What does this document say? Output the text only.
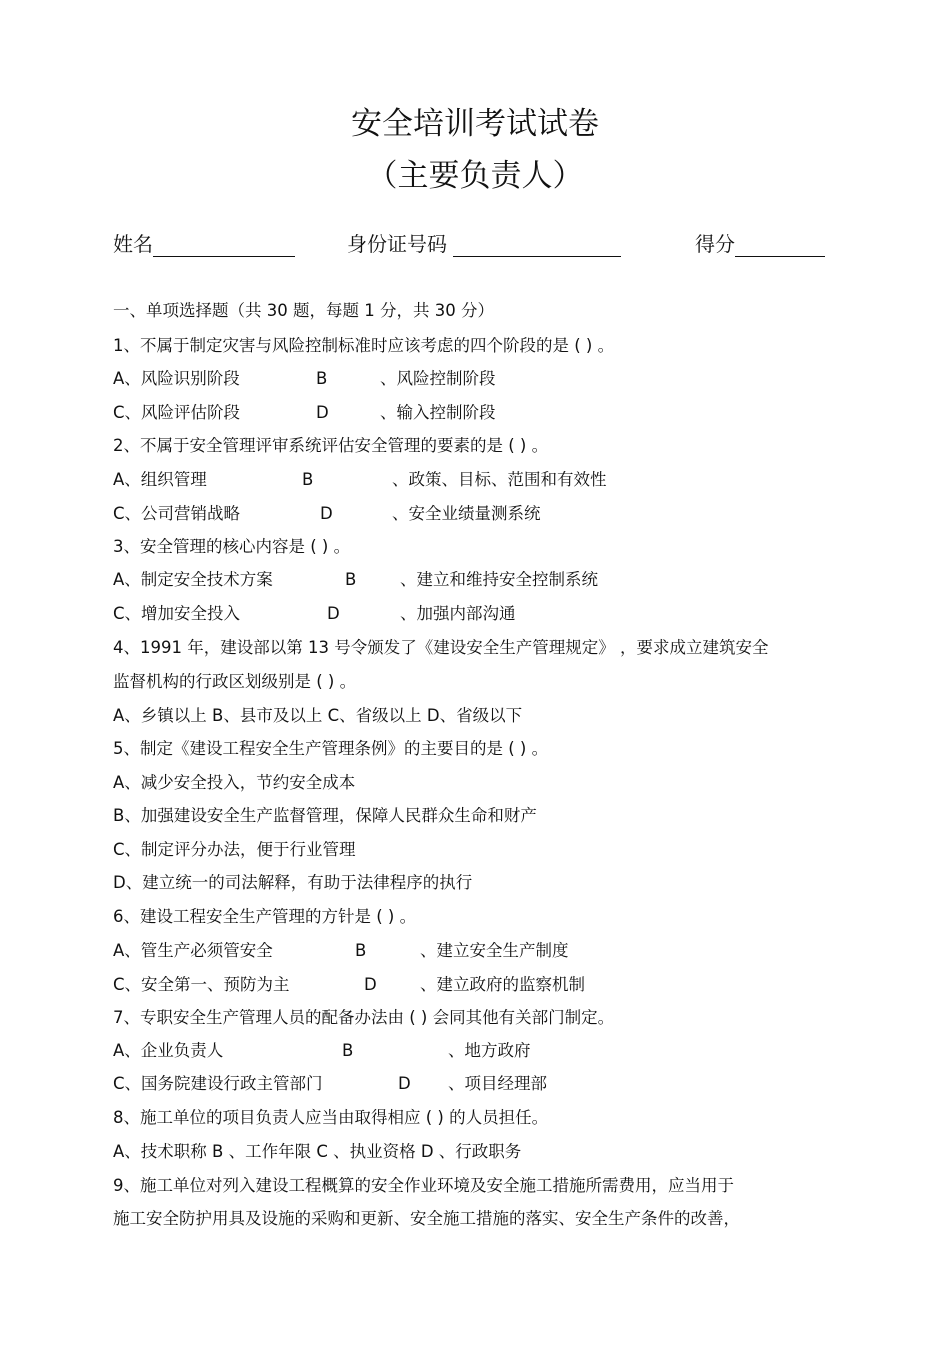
安全培训考试试卷
（主要负责人）
姓名	身份证号码	得分
一、单项选择题（共 30 题，每题 1 分，共 30 分）
1、不属于制定灾害与风险控制标准时应该考虑的四个阶段的是 ( ) 。
A、风险识别阶段	B	、风险控制阶段
C、风险评估阶段	D	、输入控制阶段
2、不属于安全管理评审系统评估安全管理的要素的是 ( ) 。
A、组织管理	B	、政策、目标、范围和有效性
C、公司营销战略	D	、安全业绩量测系统
3、安全管理的核心内容是 ( ) 。
A、制定安全技术方案	B	、建立和维持安全控制系统
C、增加安全投入	D	、加强内部沟通
4、1991 年，建设部以第 13 号令颁发了《建设安全生产管理规定》 ，要求成立建筑安全
监督机构的行政区划级别是 ( ) 。
A、乡镇以上 B、县市及以上 C、省级以上 D、省级以下
5、制定《建设工程安全生产管理条例》的主要目的是 ( ) 。
A、减少安全投入，节约安全成本
B、加强建设安全生产监督管理，保障人民群众生命和财产
C、制定评分办法，便于行业管理
D、建立统一的司法解释，有助于法律程序的执行
6、建设工程安全生产管理的方针是 ( ) 。
A、管生产必须管安全	B	、建立安全生产制度
C、安全第一、预防为主	D	、建立政府的监察机制
7、专职安全生产管理人员的配备办法由 ( ) 会同其他有关部门制定。
A、企业负责人	B	、地方政府
C、国务院建设行政主管部门	D 、项目经理部
8、施工单位的项目负责人应当由取得相应 ( ) 的人员担任。
A、技术职称 B 、工作年限 C 、执业资格 D 、行政职务
9、施工单位对列入建设工程概算的安全作业环境及安全施工措施所需费用，应当用于
施工安全防护用具及设施的采购和更新、安全施工措施的落实、安全生产条件的改善，
